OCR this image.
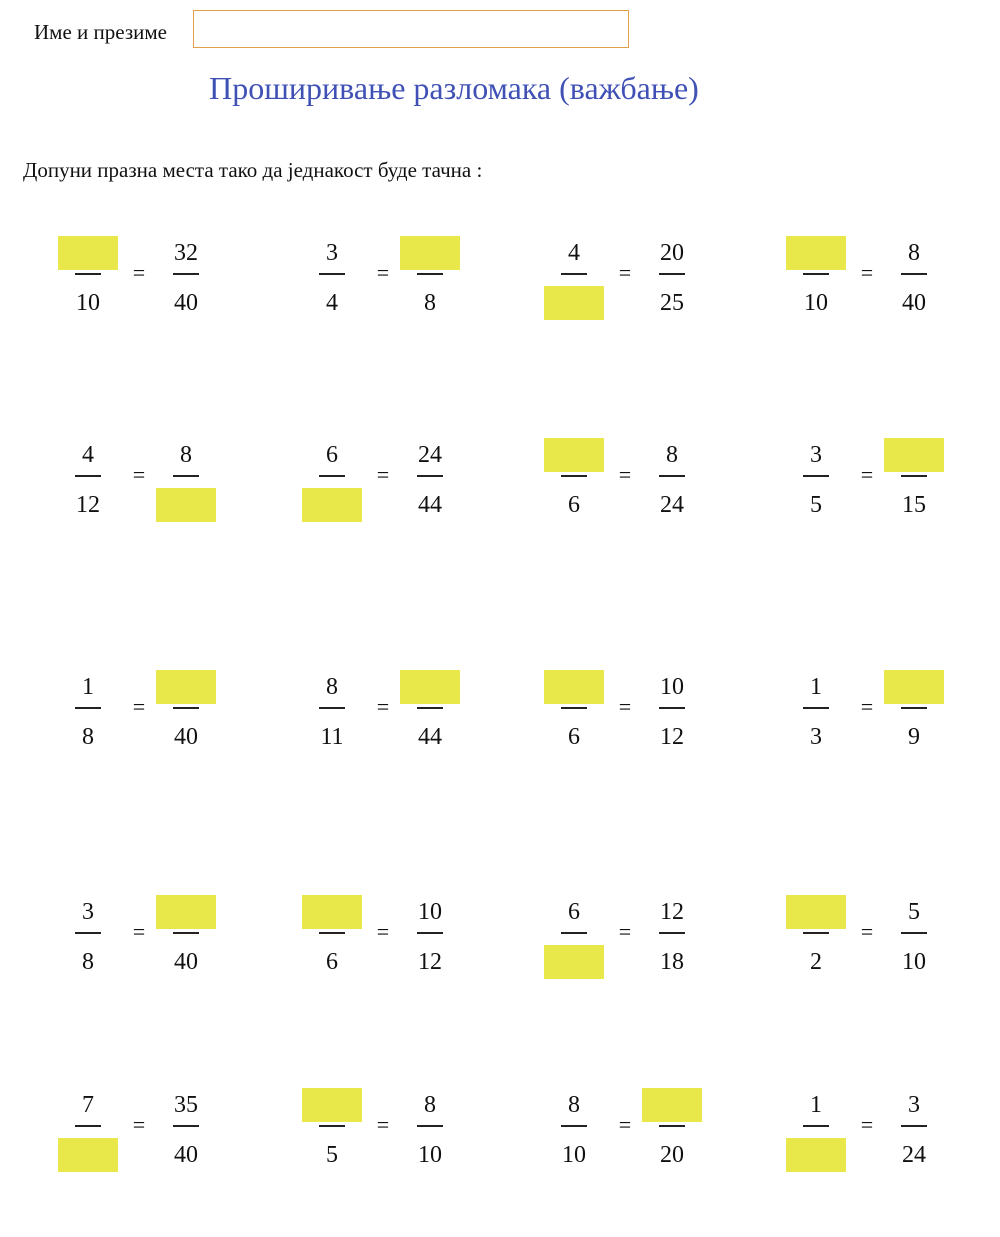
Име и презиме
Проширивање разломака (важбање)
Допуни празна места тако да једнакост буде тачна :
10
32
40
=
3
4	8
=
4	20
25
=
10
8
40
=
4
12
8
=
6	24
44
=
6
8
24
=
3
5	15
=
1
8	40
=
8
11	44
=
6
10
12
=
1
3	9
=
3
8	40
=
6
10
12
=
6	12
18
=
2
5
10
=
7	35
40
=
5
8
10
=
8
10	20
=
1	3
24
=
